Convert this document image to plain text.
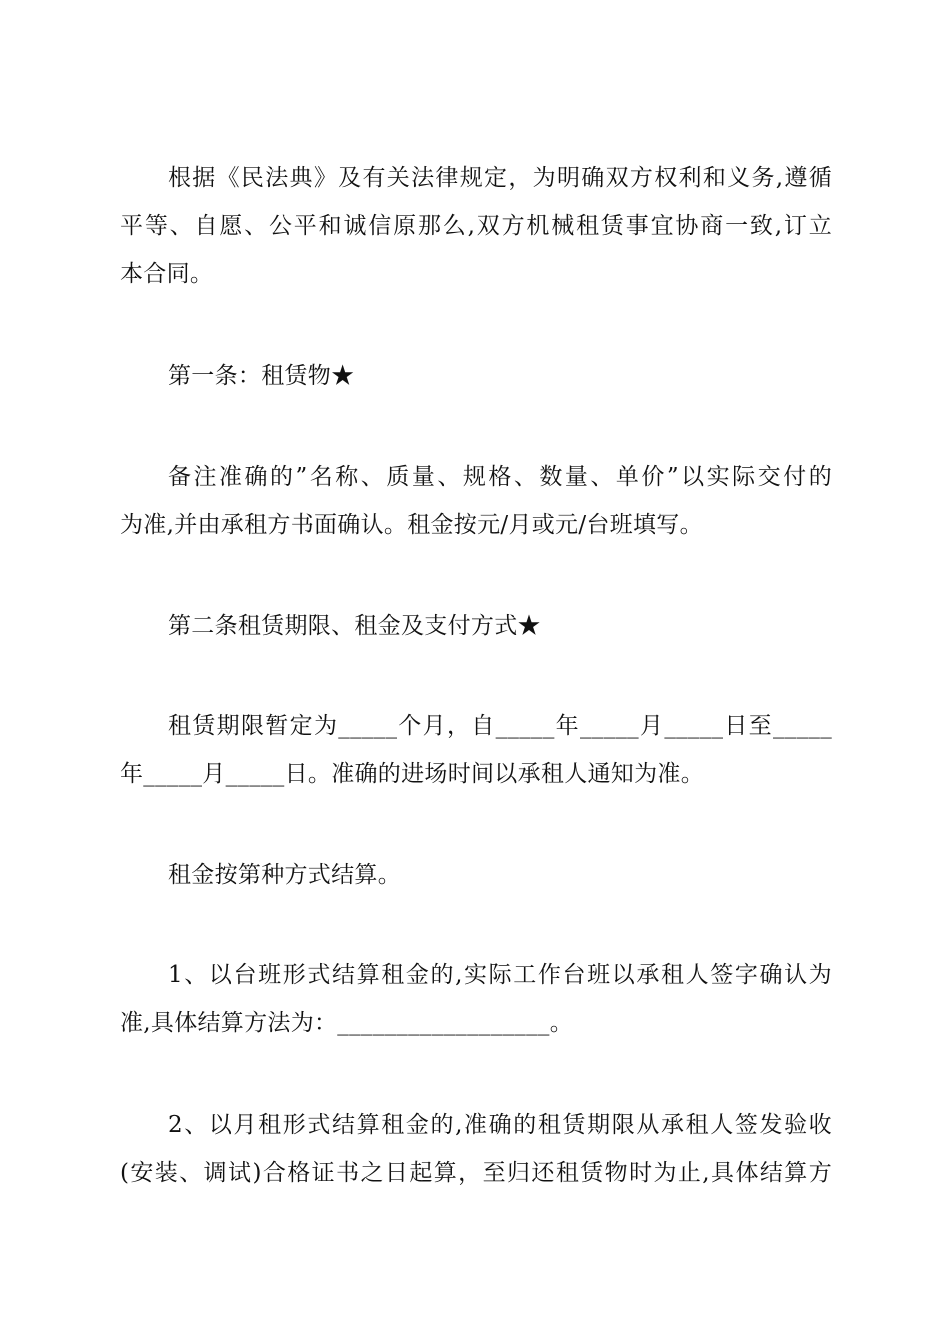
根据《民法典》及有关法律规定，为明确双方权利和义务,遵循
平等、自愿、公平和诚信原那么,双方机械租赁事宜协商一致,订立
本合同。
第一条：租赁物★
备注准确的”名称、质量、规格、数量、单价”以实际交付的
为准,并由承租方书面确认。租金按元/月或元/台班填写。
第二条租赁期限、租金及支付方式★
租赁期限暂定为_____个月，自_____年_____月_____日至_____
年_____月_____日。准确的进场时间以承租人通知为准。
租金按第种方式结算。
1、以台班形式结算租金的,实际工作台班以承租人签字确认为
准,具体结算方法为：__________________。
2、以月租形式结算租金的,准确的租赁期限从承租人签发验收
(安装、调试)合格证书之日起算，至归还租赁物时为止,具体结算方
